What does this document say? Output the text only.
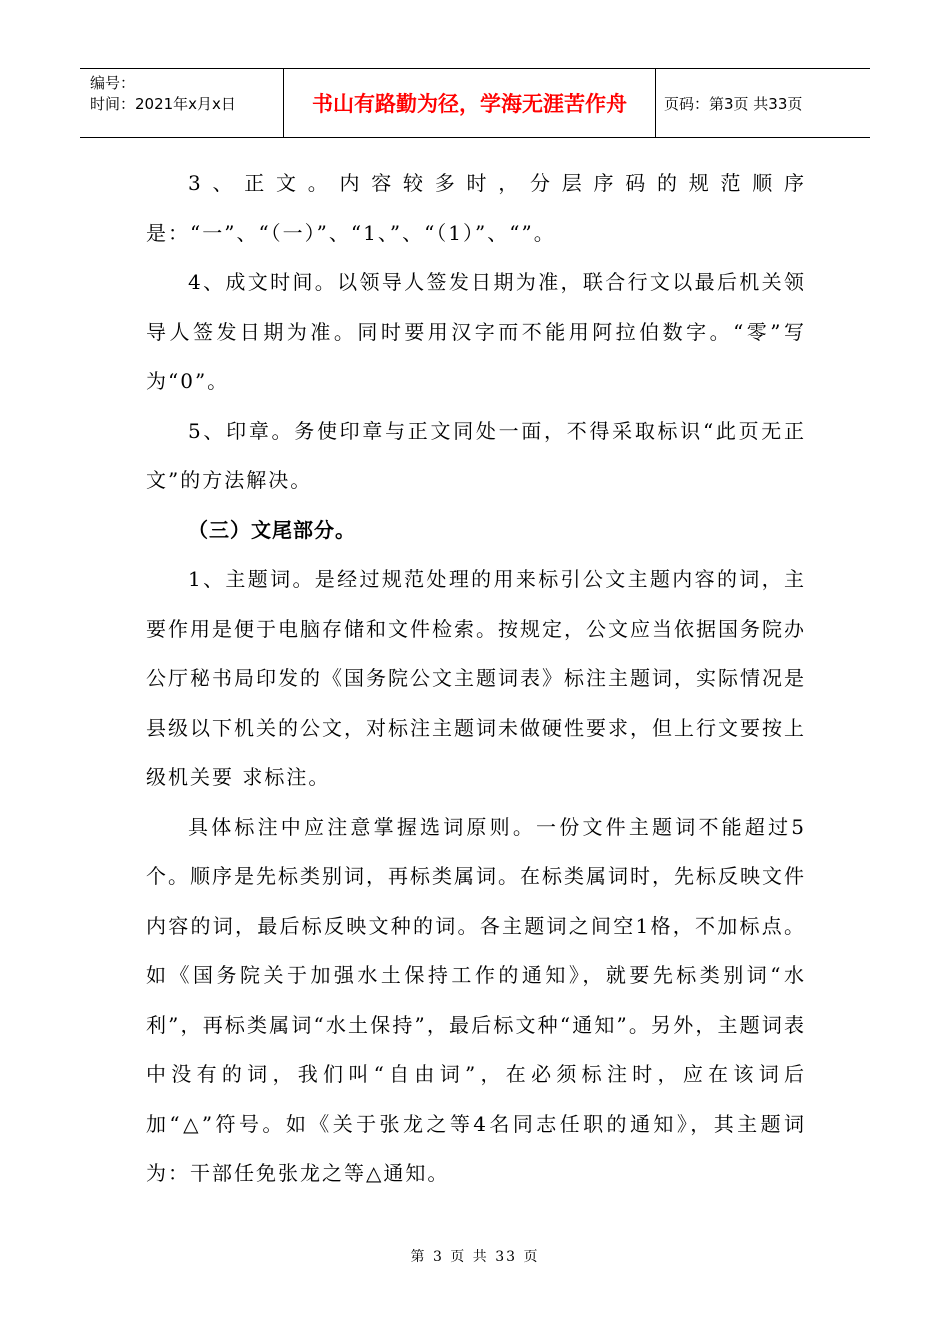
编号：
时间：2021年x月x日	书山有路勤为径，学海无涯苦作舟	页码：第3页 共33页

3、正文。内容较多时，分层序码的规范顺序是：“一”、“（一）”、“1、”、“（1）”、“”。

4、成文时间。以领导人签发日期为准，联合行文以最后机关领导人签发日期为准。同时要用汉字而不能用阿拉伯数字。“零”写为“0”。

5、印章。务使印章与正文同处一面，不得采取标识“此页无正文”的方法解决。

（三）文尾部分。

1、主题词。是经过规范处理的用来标引公文主题内容的词，主要作用是便于电脑存储和文件检索。按规定，公文应当依据国务院办公厅秘书局印发的《国务院公文主题词表》标注主题词，实际情况是县级以下机关的公文，对标注主题词未做硬性要求，但上行文要按上级机关要 求标注。

具体标注中应注意掌握选词原则。一份文件主题词不能超过5个。顺序是先标类别词，再标类属词。在标类属词时，先标反映文件内容的词，最后标反映文种的词。各主题词之间空1格，不加标点。如《国务院关于加强水土保持工作的通知》，就要先标类别词“水利”，再标类属词“水土保持”，最后标文种“通知”。另外，主题词表中没有的词，我们叫“自由词”，在必须标注时，应在该词后加“△”符号。如《关于张龙之等4名同志任职的通知》，其主题词为：干部任免张龙之等△通知。

第 3 页 共 33 页
